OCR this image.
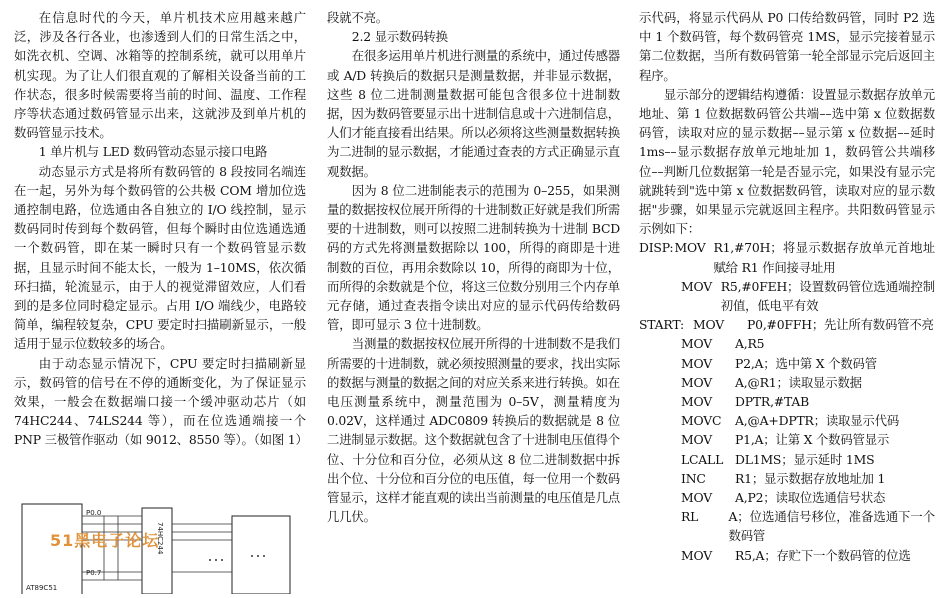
在信息时代的今天，单片机技术应用越来越广泛，涉及各行各业，也渗透到人们的日常生活之中，如洗衣机、空调、冰箱等的控制系统，就可以用单片机实现。为了让人们很直观的了解相关设备当前的工作状态，很多时候需要将当前的时间、温度、工作程序等状态通过数码管显示出来，这就涉及到单片机的数码管显示技术。

1 单片机与 LED 数码管动态显示接口电路

动态显示方式是将所有数码管的 8 段按同名端连在一起，另外为每个数码管的公共极 COM 增加位选通控制电路，位选通由各自独立的 I/O 线控制，显示数码同时传到每个数码管，但每个瞬时由位选通选通一个数码管，即在某一瞬时只有一个数码管显示数据，且显示时间不能太长，一般为 1–10MS，依次循环扫描，轮流显示，由于人的视觉滞留效应，人们看到的是多位同时稳定显示。占用 I/O 端线少，电路较简单，编程较复杂，CPU 要定时扫描刷新显示，一般适用于显示位数较多的场合。

由于动态显示情况下，CPU 要定时扫描刷新显示，数码管的信号在不停的通断变化，为了保证显示效果，一般会在数据端口接一个缓冲驱动芯片（如 74HC244、74LS244 等），而在位选通端接一个 PNP 三极管作驱动（如 9012、8550 等）。（如图 1）

P0.0
P0.7
AT89C51
74HC244
51黑电子论坛

段就不亮。

2.2 显示数码转换

在很多运用单片机进行测量的系统中，通过传感器或 A/D 转换后的数据只是测量数据，并非显示数据，这些 8 位二进制测量数据可能包含很多位十进制数据，因为数码管要显示出十进制信息或十六进制信息，人们才能直接看出结果。所以必须将这些测量数据转换为二进制的显示数据，才能通过查表的方式正确显示直观数据。

因为 8 位二进制能表示的范围为 0–255，如果测量的数据按权位展开所得的十进制数正好就是我们所需要的十进制数，则可以按照二进制转换为十进制 BCD 码的方式先将测量数据除以 100，所得的商即是十进制数的百位，再用余数除以 10，所得的商即为十位，而所得的余数就是个位，将这三位数分别用三个内存单元存储，通过查表指令读出对应的显示代码传给数码管，即可显示 3 位十进制数。

当测量的数据按权位展开所得的十进制数不是我们所需要的十进制数，就必须按照测量的要求，找出实际的数据与测量的数据之间的对应关系来进行转换。如在电压测量系统中，测量范围为 0–5V，测量精度为 0.02V，这样通过 ADC0809 转换后的数据就是 8 位二进制显示数据。这个数据就包含了十进制电压值得个位、十分位和百分位，必须从这 8 位二进制数据中拆出个位、十分位和百分位的电压值，每一位用一个数码管显示，这样才能直观的读出当前测量的电压值是几点几几伏。

示代码，将显示代码从 P0 口传给数码管，同时 P2 选中 1 个数码管，每个数码管亮 1MS，显示完接着显示第二位数据，当所有数码管第一轮全部显示完后返回主程序。

显示部分的逻辑结构遵循：设置显示数据存放单元地址、第 1 位数据数码管公共端––选中第 x 位数据数码管，读取对应的显示数据––显示第 x 位数据––延时 1ms––显示数据存放单元地址加 1，数码管公共端移位––判断几位数据第一轮是否显示完，如果没有显示完就跳转到"选中第 x 位数据数码管，读取对应的显示数据"步骤，如果显示完就返回主程序。共阳数码管显示示例如下：

DISP: MOV R1,#70H；将显示数据存放单元首地址赋给 R1 作间接寻址用
MOV R5,#0FEH；设置数码管位选通端控制初值，低电平有效
START: MOV	P0,#0FFH；先让所有数码管不亮
MOV	A,R5
MOV	P2,A；选中第 X 个数码管
MOV	A,@R1；读取显示数据
MOV	DPTR,#TAB
MOVC	A,@A+DPTR；读取显示代码
MOV	P1,A；让第 X 个数码管显示
LCALL DL1MS；显示延时 1MS
INC	R1；显示数据存放地址加 1
MOV	A,P2；读取位选通信号状态
RL	A；位选通信号移位，准备选通下一个数码管
MOV	R5,A；存贮下一个数码管的位选
